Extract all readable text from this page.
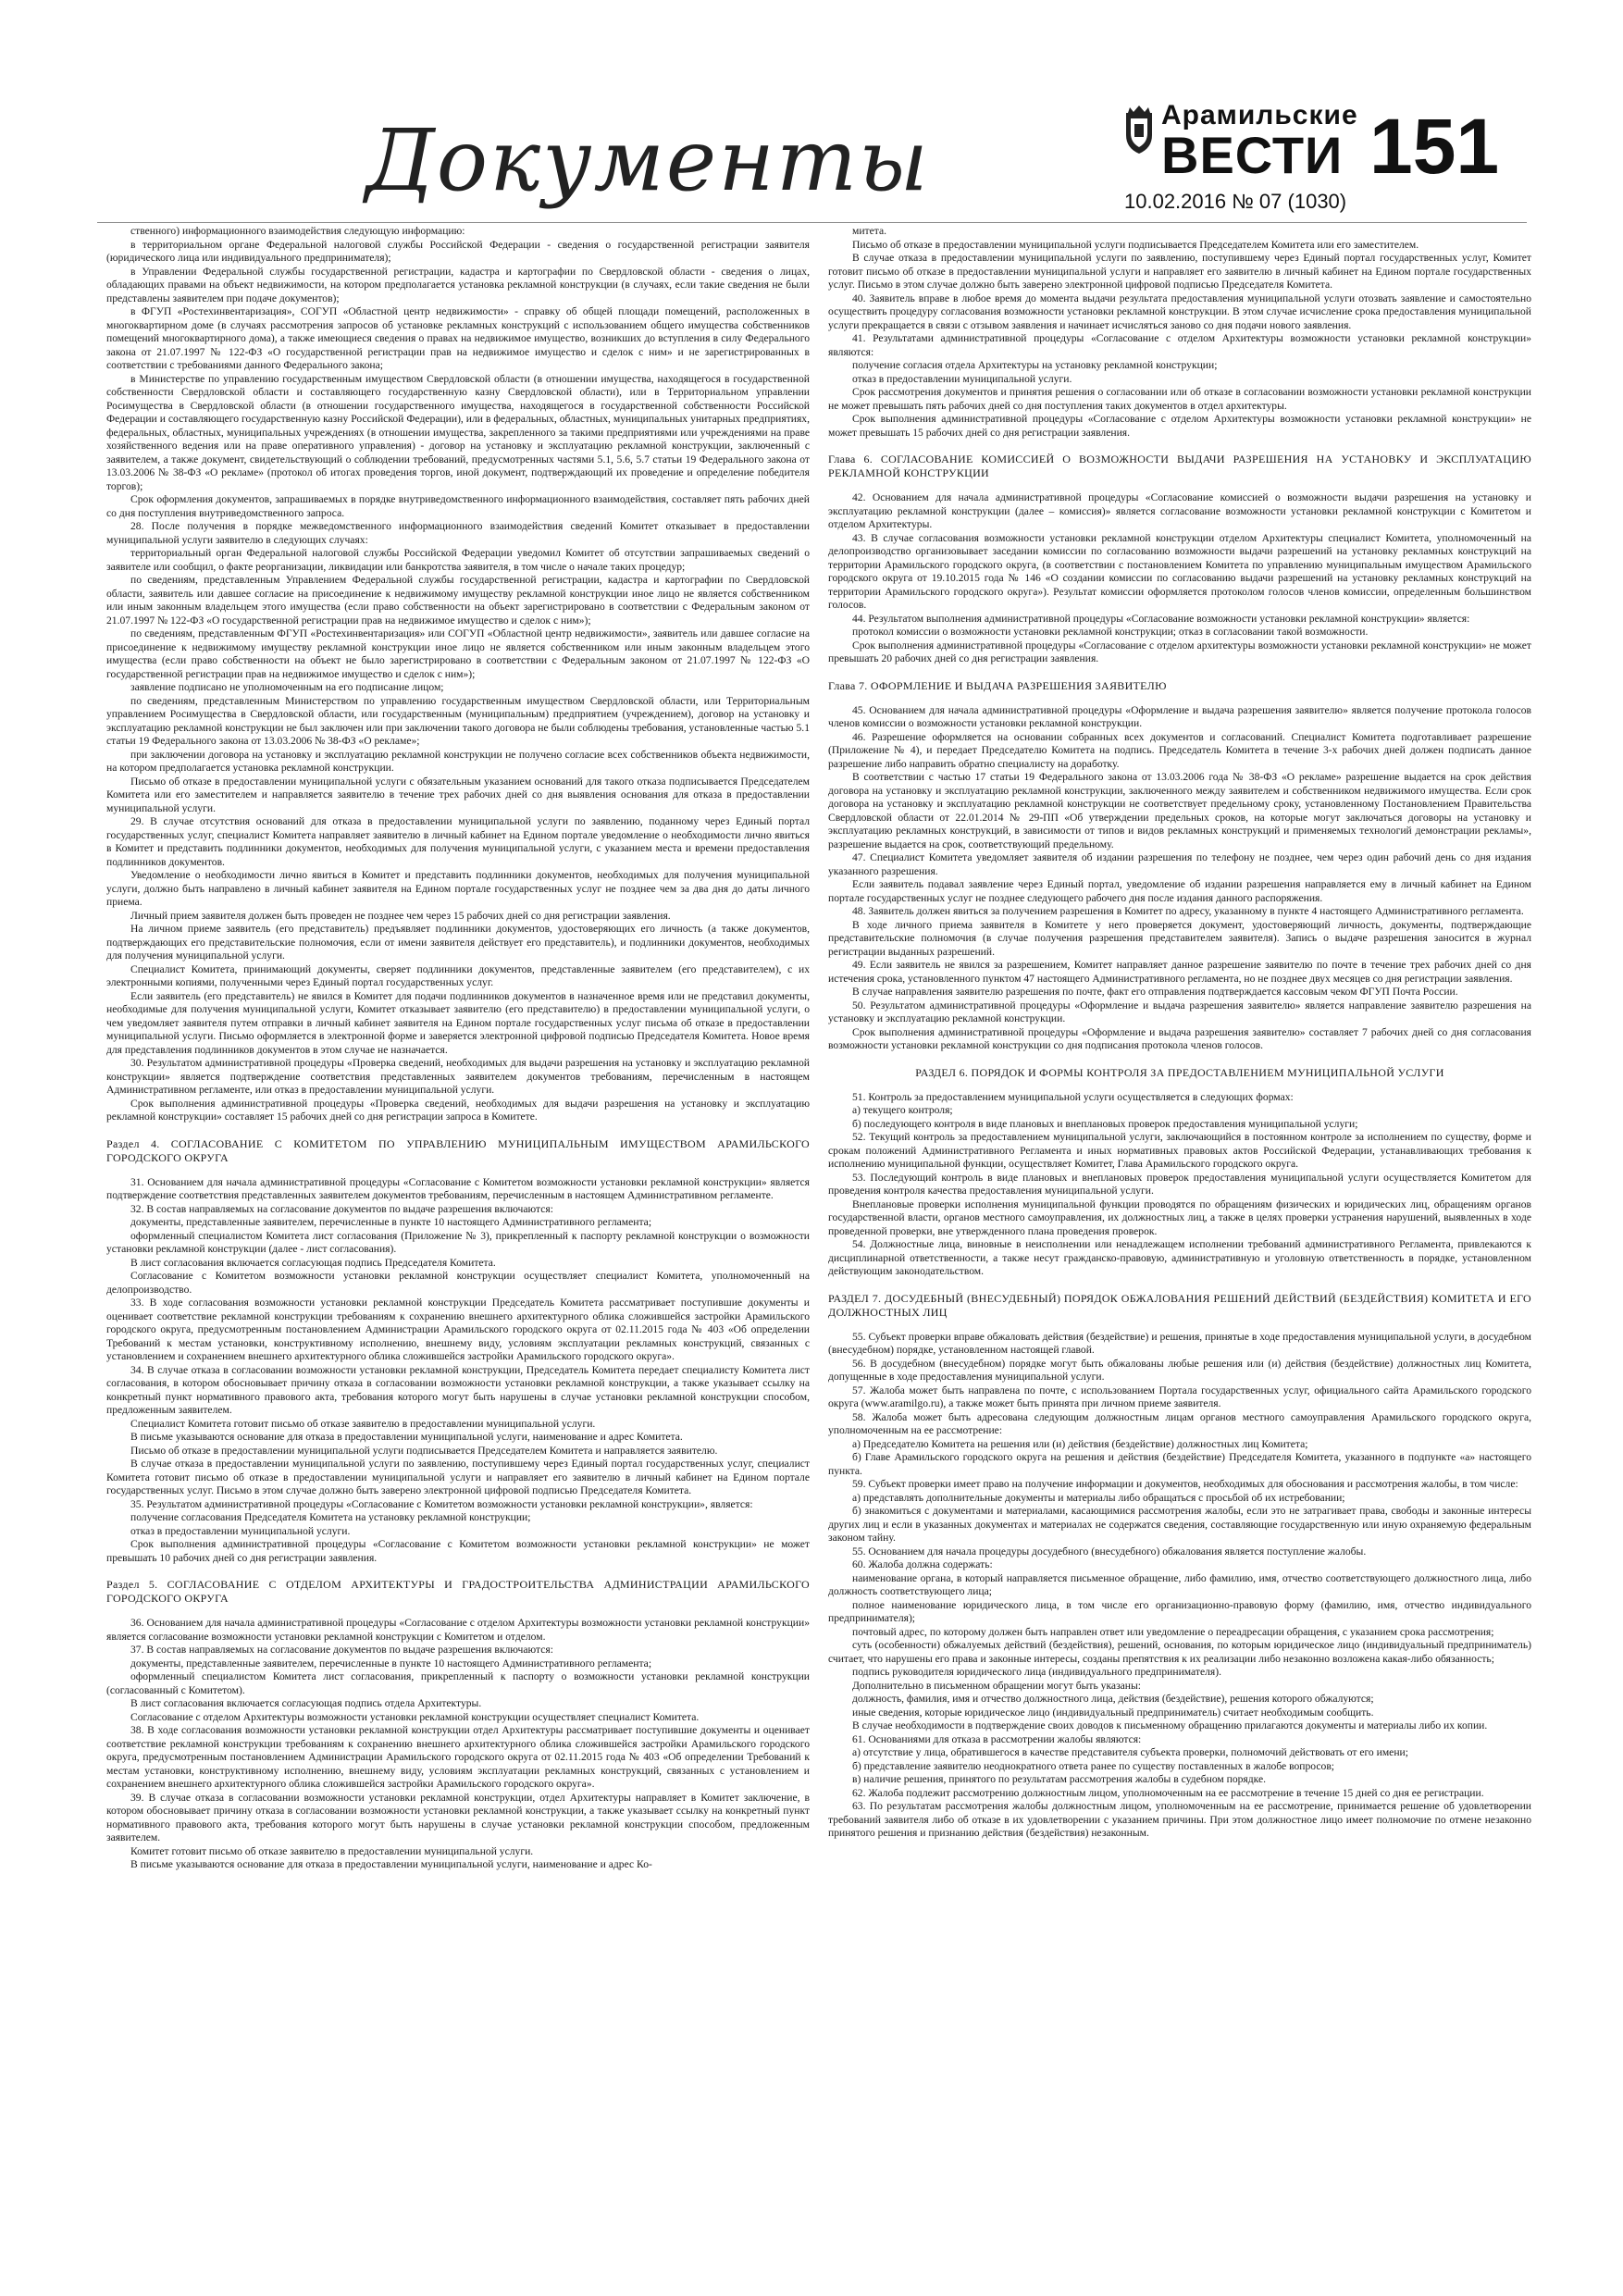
Документы	Арамильские
ВЕСТИ 151
10.02.2016 № 07 (1030)

ственного) информационного взаимодействия следующую информацию:

в территориальном органе Федеральной налоговой службы Российской Федерации - сведения о государственной регистрации заявителя (юридического лица или индивидуального предпринимателя);

в Управлении Федеральной службы государственной регистрации, кадастра и картографии по Свердловской области - сведения о лицах, обладающих правами на объект недвижимости, на котором предполагается установка рекламной конструкции (в случаях, если такие сведения не были представлены заявителем при подаче документов);

в ФГУП «Ростехинвентаризация», СОГУП «Областной центр недвижимости» - справку об общей площади помещений, расположенных в многоквартирном доме (в случаях рассмотрения запросов об установке рекламных конструкций с использованием общего имущества собственников помещений многоквартирного дома), а также имеющиеся сведения о правах на недвижимое имущество, возникших до вступления в силу Федерального закона от 21.07.1997 № 122-ФЗ «О государственной регистрации прав на недвижимое имущество и сделок с ним» и не зарегистрированных в соответствии с требованиями данного Федерального закона;

в Министерстве по управлению государственным имуществом Свердловской области (в отношении имущества, находящегося в государственной собственности Свердловской области и составляющего государственную казну Свердловской области), или в Территориальном управлении Росимущества в Свердловской области (в отношении государственного имущества, находящегося в государственной собственности Российской Федерации и составляющего государственную казну Российской Федерации), или в федеральных, областных, муниципальных унитарных предприятиях, федеральных, областных, муниципальных учреждениях (в отношении имущества, закрепленного за такими предприятиями или учреждениями на праве хозяйственного ведения или на праве оперативного управления) - договор на установку и эксплуатацию рекламной конструкции, заключенный с заявителем, а также документ, свидетельствующий о соблюдении требований, предусмотренных частями 5.1, 5.6, 5.7 статьи 19 Федерального закона от 13.03.2006 № 38-ФЗ «О рекламе» (протокол об итогах проведения торгов, иной документ, подтверждающий их проведение и определение победителя торгов);

Срок оформления документов, запрашиваемых в порядке внутриведомственного информационного взаимодействия, составляет пять рабочих дней со дня поступления внутриведомственного запроса.

28. После получения в порядке межведомственного информационного взаимодействия сведений Комитет отказывает в предоставлении муниципальной услуги заявителю в следующих случаях:

территориальный орган Федеральной налоговой службы Российской Федерации уведомил Комитет об отсутствии запрашиваемых сведений о заявителе или сообщил, о факте реорганизации, ликвидации или банкротства заявителя, в том числе о начале таких процедур;

по сведениям, представленным Управлением Федеральной службы государственной регистрации, кадастра и картографии по Свердловской области, заявитель или давшее согласие на присоединение к недвижимому имуществу рекламной конструкции иное лицо не является собственником или иным законным владельцем этого имущества (если право собственности на объект зарегистрировано в соответствии с Федеральным законом от 21.07.1997 № 122-ФЗ «О государственной регистрации прав на недвижимое имущество и сделок с ним»);

по сведениям, представленным ФГУП «Ростехинвентаризация» или СОГУП «Областной центр недвижимости», заявитель или давшее согласие на присоединение к недвижимому имуществу рекламной конструкции иное лицо не является собственником или иным законным владельцем этого имущества (если право собственности на объект не было зарегистрировано в соответствии с Федеральным законом от 21.07.1997 № 122-ФЗ «О государственной регистрации прав на недвижимое имущество и сделок с ним»);

заявление подписано не уполномоченным на его подписание лицом;

по сведениям, представленным Министерством по управлению государственным имуществом Свердловской области, или Территориальным управлением Росимущества в Свердловской области, или государственным (муниципальным) предприятием (учреждением), договор на установку и эксплуатацию рекламной конструкции не был заключен или при заключении такого договора не были соблюдены требования, установленные частью 5.1 статьи 19 Федерального закона от 13.03.2006 № 38-ФЗ «О рекламе»;

при заключении договора на установку и эксплуатацию рекламной конструкции не получено согласие всех собственников объекта недвижимости, на котором предполагается установка рекламной конструкции.

Письмо об отказе в предоставлении муниципальной услуги с обязательным указанием оснований для такого отказа подписывается Председателем Комитета или его заместителем и направляется заявителю в течение трех рабочих дней со дня выявления основания для отказа в предоставлении муниципальной услуги.

29. В случае отсутствия оснований для отказа в предоставлении муниципальной услуги по заявлению, поданному через Единый портал государственных услуг, специалист Комитета направляет заявителю в личный кабинет на Едином портале уведомление о необходимости лично явиться в Комитет и представить подлинники документов, необходимых для получения муниципальной услуги, с указанием места и времени предоставления подлинников документов.

Уведомление о необходимости лично явиться в Комитет и представить подлинники документов, необходимых для получения муниципальной услуги, должно быть направлено в личный кабинет заявителя на Едином портале государственных услуг не позднее чем за два дня до даты личного приема.

Личный прием заявителя должен быть проведен не позднее чем через 15 рабочих дней со дня регистрации заявления.

На личном приеме заявитель (его представитель) предъявляет подлинники документов, удостоверяющих его личность (а также документов, подтверждающих его представительские полномочия, если от имени заявителя действует его представитель), и подлинники документов, необходимых для получения муниципальной услуги.

Специалист Комитета, принимающий документы, сверяет подлинники документов, представленные заявителем (его представителем), с их электронными копиями, полученными через Единый портал государственных услуг.

Если заявитель (его представитель) не явился в Комитет для подачи подлинников документов в назначенное время или не представил документы, необходимые для получения муниципальной услуги, Комитет отказывает заявителю (его представителю) в предоставлении муниципальной услуги, о чем уведомляет заявителя путем отправки в личный кабинет заявителя на Едином портале государственных услуг письма об отказе в предоставлении муниципальной услуги. Письмо оформляется в электронной форме и заверяется электронной цифровой подписью Председателя Комитета. Новое время для представления подлинников документов в этом случае не назначается.

30. Результатом административной процедуры «Проверка сведений, необходимых для выдачи разрешения на установку и эксплуатацию рекламной конструкции» является подтверждение соответствия представленных заявителем документов требованиям, перечисленным в настоящем Административном регламенте, или отказ в предоставлении муниципальной услуги.

Срок выполнения административной процедуры «Проверка сведений, необходимых для выдачи разрешения на установку и эксплуатацию рекламной конструкции» составляет 15 рабочих дней со дня регистрации запроса в Комитете.

Раздел 4. СОГЛАСОВАНИЕ С КОМИТЕТОМ ПО УПРАВЛЕНИЮ МУНИЦИПАЛЬНЫМ ИМУЩЕСТВОМ АРАМИЛЬСКОГО ГОРОДСКОГО ОКРУГА

31. Основанием для начала административной процедуры «Согласование с Комитетом возможности установки рекламной конструкции» является подтверждение соответствия представленных заявителем документов требованиям, перечисленным в настоящем Административном регламенте.

32. В состав направляемых на согласование документов по выдаче разрешения включаются:

документы, представленные заявителем, перечисленные в пункте 10 настоящего Административного регламента;

оформленный специалистом Комитета лист согласования (Приложение № 3), прикрепленный к паспорту рекламной конструкции о возможности установки рекламной конструкции (далее - лист согласования).

В лист согласования включается согласующая подпись Председателя Комитета.

Согласование с Комитетом возможности установки рекламной конструкции осуществляет специалист Комитета, уполномоченный на делопроизводство.

33. В ходе согласования возможности установки рекламной конструкции Председатель Комитета рассматривает поступившие документы и оценивает соответствие рекламной конструкции требованиям к сохранению внешнего архитектурного облика сложившейся застройки Арамильского городского округа, предусмотренным постановлением Администрации Арамильского городского округа от 02.11.2015 года № 403 «Об определении Требований к местам установки, конструктивному исполнению, внешнему виду, условиям эксплуатации рекламных конструкций, связанных с установлением и сохранением внешнего архитектурного облика сложившейся застройки Арамильского городского округа».

34. В случае отказа в согласовании возможности установки рекламной конструкции, Председатель Комитета передает специалисту Комитета лист согласования, в котором обосновывает причину отказа в согласовании возможности установки рекламной конструкции, а также указывает ссылку на конкретный пункт нормативного правового акта, требования которого могут быть нарушены в случае установки рекламной конструкции способом, предложенным заявителем.

Специалист Комитета готовит письмо об отказе заявителю в предоставлении муниципальной услуги.

В письме указываются основание для отказа в предоставлении муниципальной услуги, наименование и адрес Комитета.

Письмо об отказе в предоставлении муниципальной услуги подписывается Председателем Комитета и направляется заявителю.

В случае отказа в предоставлении муниципальной услуги по заявлению, поступившему через Единый портал государственных услуг, специалист Комитета готовит письмо об отказе в предоставлении муниципальной услуги и направляет его заявителю в личный кабинет на Едином портале государственных услуг. Письмо в этом случае должно быть заверено электронной цифровой подписью Председателя Комитета.

35. Результатом административной процедуры «Согласование с Комитетом возможности установки рекламной конструкции», является:

получение согласования Председателя Комитета на установку рекламной конструкции;

отказ в предоставлении муниципальной услуги.

Срок выполнения административной процедуры «Согласование с Комитетом возможности установки рекламной конструкции» не может превышать 10 рабочих дней со дня регистрации заявления.

Раздел 5. СОГЛАСОВАНИЕ С ОТДЕЛОМ АРХИТЕКТУРЫ И ГРАДОСТРОИТЕЛЬСТВА АДМИНИСТРАЦИИ АРАМИЛЬСКОГО ГОРОДСКОГО ОКРУГА

36. Основанием для начала административной процедуры «Согласование с отделом Архитектуры возможности установки рекламной конструкции» является согласование возможности установки рекламной конструкции с Комитетом и отделом.

37. В состав направляемых на согласование документов по выдаче разрешения включаются:

документы, представленные заявителем, перечисленные в пункте 10 настоящего Административного регламента;

оформленный специалистом Комитета лист согласования, прикрепленный к паспорту о возможности установки рекламной конструкции (согласованный с Комитетом).

В лист согласования включается согласующая подпись отдела Архитектуры.

Согласование с отделом Архитектуры возможности установки рекламной конструкции осуществляет специалист Комитета.

38. В ходе согласования возможности установки рекламной конструкции отдел Архитектуры рассматривает поступившие документы и оценивает соответствие рекламной конструкции требованиям к сохранению внешнего архитектурного облика сложившейся застройки Арамильского городского округа, предусмотренным постановлением Администрации Арамильского городского округа от 02.11.2015 года № 403 «Об определении Требований к местам установки, конструктивному исполнению, внешнему виду, условиям эксплуатации рекламных конструкций, связанных с установлением и сохранением внешнего архитектурного облика сложившейся застройки Арамильского городского округа».

39. В случае отказа в согласовании возможности установки рекламной конструкции, отдел Архитектуры направляет в Комитет заключение, в котором обосновывает причину отказа в согласовании возможности установки рекламной конструкции, а также указывает ссылку на конкретный пункт нормативного правового акта, требования которого могут быть нарушены в случае установки рекламной конструкции способом, предложенным заявителем.

Комитет готовит письмо об отказе заявителю в предоставлении муниципальной услуги.

В письме указываются основание для отказа в предоставлении муниципальной услуги, наименование и адрес Ко-

митета.

Письмо об отказе в предоставлении муниципальной услуги подписывается Председателем Комитета или его заместителем.

В случае отказа в предоставлении муниципальной услуги по заявлению, поступившему через Единый портал государственных услуг, Комитет готовит письмо об отказе в предоставлении муниципальной услуги и направляет его заявителю в личный кабинет на Едином портале государственных услуг. Письмо в этом случае должно быть заверено электронной цифровой подписью Председателя Комитета.

40. Заявитель вправе в любое время до момента выдачи результата предоставления муниципальной услуги отозвать заявление и самостоятельно осуществить процедуру согласования возможности установки рекламной конструкции. В этом случае исчисление срока предоставления муниципальной услуги прекращается в связи с отзывом заявления и начинает исчисляться заново со дня подачи нового заявления.

41. Результатами административной процедуры «Согласование с отделом Архитектуры возможности установки рекламной конструкции» являются:

получение согласия отдела Архитектуры на установку рекламной конструкции;

отказ в предоставлении муниципальной услуги.

Срок рассмотрения документов и принятия решения о согласовании или об отказе в согласовании возможности установки рекламной конструкции не может превышать пять рабочих дней со дня поступления таких документов в отдел архитектуры.

Срок выполнения административной процедуры «Согласование с отделом Архитектуры возможности установки рекламной конструкции» не может превышать 15 рабочих дней со дня регистрации заявления.

Глава 6. СОГЛАСОВАНИЕ КОМИССИЕЙ О ВОЗМОЖНОСТИ ВЫДАЧИ РАЗРЕШЕНИЯ НА УСТАНОВКУ И ЭКСПЛУАТАЦИЮ РЕКЛАМНОЙ КОНСТРУКЦИИ

42. Основанием для начала административной процедуры «Согласование комиссией о возможности выдачи разрешения на установку и эксплуатацию рекламной конструкции (далее – комиссия)» является согласование возможности установки рекламной конструкции с Комитетом и отделом Архитектуры.

43. В случае согласования возможности установки рекламной конструкции отделом Архитектуры специалист Комитета, уполномоченный на делопроизводство организовывает заседании комиссии по согласованию возможности выдачи разрешений на установку рекламных конструкций на территории Арамильского городского округа, (в соответствии с постановлением Комитета по управлению муниципальным имуществом Арамильского городского округа от 19.10.2015 года № 146 «О создании комиссии по согласованию выдачи разрешений на установку рекламных конструкций на территории Арамильского городского округа»). Результат комиссии оформляется протоколом голосов членов комиссии, определенным большинством голосов.

44. Результатом выполнения административной процедуры «Согласование возможности установки рекламной конструкции» является:

протокол комиссии о возможности установки рекламной конструкции; отказ в согласовании такой возможности.

Срок выполнения административной процедуры «Согласование с отделом архитектуры возможности установки рекламной конструкции» не может превышать 20 рабочих дней со дня регистрации заявления.

Глава 7. ОФОРМЛЕНИЕ И ВЫДАЧА РАЗРЕШЕНИЯ ЗАЯВИТЕЛЮ

45. Основанием для начала административной процедуры «Оформление и выдача разрешения заявителю» является получение протокола голосов членов комиссии о возможности установки рекламной конструкции.

46. Разрешение оформляется на основании собранных всех документов и согласований. Специалист Комитета подготавливает разрешение (Приложение № 4), и передает Председателю Комитета на подпись. Председатель Комитета в течение 3-х рабочих дней должен подписать данное разрешение либо направить обратно специалисту на доработку.

В соответствии с частью 17 статьи 19 Федерального закона от 13.03.2006 года № 38-ФЗ «О рекламе» разрешение выдается на срок действия договора на установку и эксплуатацию рекламной конструкции, заключенного между заявителем и собственником недвижимого имущества. Если срок договора на установку и эксплуатацию рекламной конструкции не соответствует предельному сроку, установленному Постановлением Правительства Свердловской области от 22.01.2014 № 29-ПП «Об утверждении предельных сроков, на которые могут заключаться договоры на установку и эксплуатацию рекламных конструкций, в зависимости от типов и видов рекламных конструкций и применяемых технологий демонстрации рекламы», разрешение выдается на срок, соответствующий предельному.

47. Специалист Комитета уведомляет заявителя об издании разрешения по телефону не позднее, чем через один рабочий день со дня издания указанного разрешения.

Если заявитель подавал заявление через Единый портал, уведомление об издании разрешения направляется ему в личный кабинет на Едином портале государственных услуг не позднее следующего рабочего дня после издания данного распоряжения.

48. Заявитель должен явиться за получением разрешения в Комитет по адресу, указанному в пункте 4 настоящего Административного регламента.

В ходе личного приема заявителя в Комитете у него проверяется документ, удостоверяющий личность, документы, подтверждающие представительские полномочия (в случае получения разрешения представителем заявителя). Запись о выдаче разрешения заносится в журнал регистрации выданных разрешений.

49. Если заявитель не явился за разрешением, Комитет направляет данное разрешение заявителю по почте в течение трех рабочих дней со дня истечения срока, установленного пунктом 47 настоящего Административного регламента, но не позднее двух месяцев со дня регистрации заявления.

В случае направления заявителю разрешения по почте, факт его отправления подтверждается кассовым чеком ФГУП Почта России.

50. Результатом административной процедуры «Оформление и выдача разрешения заявителю» является направление заявителю разрешения на установку и эксплуатацию рекламной конструкции.

Срок выполнения административной процедуры «Оформление и выдача разрешения заявителю» составляет 7 рабочих дней со дня согласования возможности установки рекламной конструкции со дня подписания протокола членов голосов.

РАЗДЕЛ 6. ПОРЯДОК И ФОРМЫ КОНТРОЛЯ ЗА ПРЕДОСТАВЛЕНИЕМ МУНИЦИПАЛЬНОЙ УСЛУГИ

51. Контроль за предоставлением муниципальной услуги осуществляется в следующих формах:

а) текущего контроля;

б) последующего контроля в виде плановых и внеплановых проверок предоставления муниципальной услуги;

52. Текущий контроль за предоставлением муниципальной услуги, заключающийся в постоянном контроле за исполнением по существу, форме и срокам положений Административного Регламента и иных нормативных правовых актов Российской Федерации, устанавливающих требования к исполнению муниципальной функции, осуществляет Комитет, Глава Арамильского городского округа.

53. Последующий контроль в виде плановых и внеплановых проверок предоставления муниципальной услуги осуществляется Комитетом для проведения контроля качества предоставления муниципальной услуги.

Внеплановые проверки исполнения муниципальной функции проводятся по обращениям физических и юридических лиц, обращениям органов государственной власти, органов местного самоуправления, их должностных лиц, а также в целях проверки устранения нарушений, выявленных в ходе проведенной проверки, вне утвержденного плана проведения проверок.

54. Должностные лица, виновные в неисполнении или ненадлежащем исполнении требований административного Регламента, привлекаются к дисциплинарной ответственности, а также несут гражданско-правовую, административную и уголовную ответственность в порядке, установленном действующим законодательством.

РАЗДЕЛ 7. ДОСУДЕБНЫЙ (ВНЕСУДЕБНЫЙ) ПОРЯДОК ОБЖАЛОВАНИЯ РЕШЕНИЙ ДЕЙСТВИЙ (БЕЗДЕЙСТВИЯ) КОМИТЕТА И ЕГО ДОЛЖНОСТНЫХ ЛИЦ

55. Субъект проверки вправе обжаловать действия (бездействие) и решения, принятые в ходе предоставления муниципальной услуги, в досудебном (внесудебном) порядке, установленном настоящей главой.

56. В досудебном (внесудебном) порядке могут быть обжалованы любые решения или (и) действия (бездействие) должностных лиц Комитета, допущенные в ходе предоставления муниципальной услуги.

57. Жалоба может быть направлена по почте, с использованием Портала государственных услуг, официального сайта Арамильского городского округа (www.aramilgo.ru), а также может быть принята при личном приеме заявителя.

58. Жалоба может быть адресована следующим должностным лицам органов местного самоуправления Арамильского городского округа, уполномоченным на ее рассмотрение:

а) Председателю Комитета на решения или (и) действия (бездействие) должностных лиц Комитета;

б) Главе Арамильского городского округа на решения и действия (бездействие) Председателя Комитета, указанного в подпункте «а» настоящего пункта.

59. Субъект проверки имеет право на получение информации и документов, необходимых для обоснования и рассмотрения жалобы, в том числе:

а) представлять дополнительные документы и материалы либо обращаться с просьбой об их истребовании;

б) знакомиться с документами и материалами, касающимися рассмотрения жалобы, если это не затрагивает права, свободы и законные интересы других лиц и если в указанных документах и материалах не содержатся сведения, составляющие государственную или иную охраняемую федеральным законом тайну.

55. Основанием для начала процедуры досудебного (внесудебного) обжалования является поступление жалобы.

60. Жалоба должна содержать:

наименование органа, в который направляется письменное обращение, либо фамилию, имя, отчество соответствующего должностного лица, либо должность соответствующего лица;

полное наименование юридического лица, в том числе его организационно-правовую форму (фамилию, имя, отчество индивидуального предпринимателя);

почтовый адрес, по которому должен быть направлен ответ или уведомление о переадресации обращения, с указанием срока рассмотрения;

суть (особенности) обжалуемых действий (бездействия), решений, основания, по которым юридическое лицо (индивидуальный предприниматель) считает, что нарушены его права и законные интересы, созданы препятствия к их реализации либо незаконно возложена какая-либо обязанность;

подпись руководителя юридического лица (индивидуального предпринимателя).

Дополнительно в письменном обращении могут быть указаны:

должность, фамилия, имя и отчество должностного лица, действия (бездействие), решения которого обжалуются;

иные сведения, которые юридическое лицо (индивидуальный предприниматель) считает необходимым сообщить.

В случае необходимости в подтверждение своих доводов к письменному обращению прилагаются документы и материалы либо их копии.

61. Основаниями для отказа в рассмотрении жалобы являются:

а) отсутствие у лица, обратившегося в качестве представителя субъекта проверки, полномочий действовать от его имени;

б) представление заявителю неоднократного ответа ранее по существу поставленных в жалобе вопросов;

в) наличие решения, принятого по результатам рассмотрения жалобы в судебном порядке.

62. Жалоба подлежит рассмотрению должностным лицом, уполномоченным на ее рассмотрение в течение 15 дней со дня ее регистрации.

63. По результатам рассмотрения жалобы должностным лицом, уполномоченным на ее рассмотрение, принимается решение об удовлетворении требований заявителя либо об отказе в их удовлетворении с указанием причины. При этом должностное лицо имеет полномочие по отмене незаконно принятого решения и признанию действия (бездействия) незаконным.
